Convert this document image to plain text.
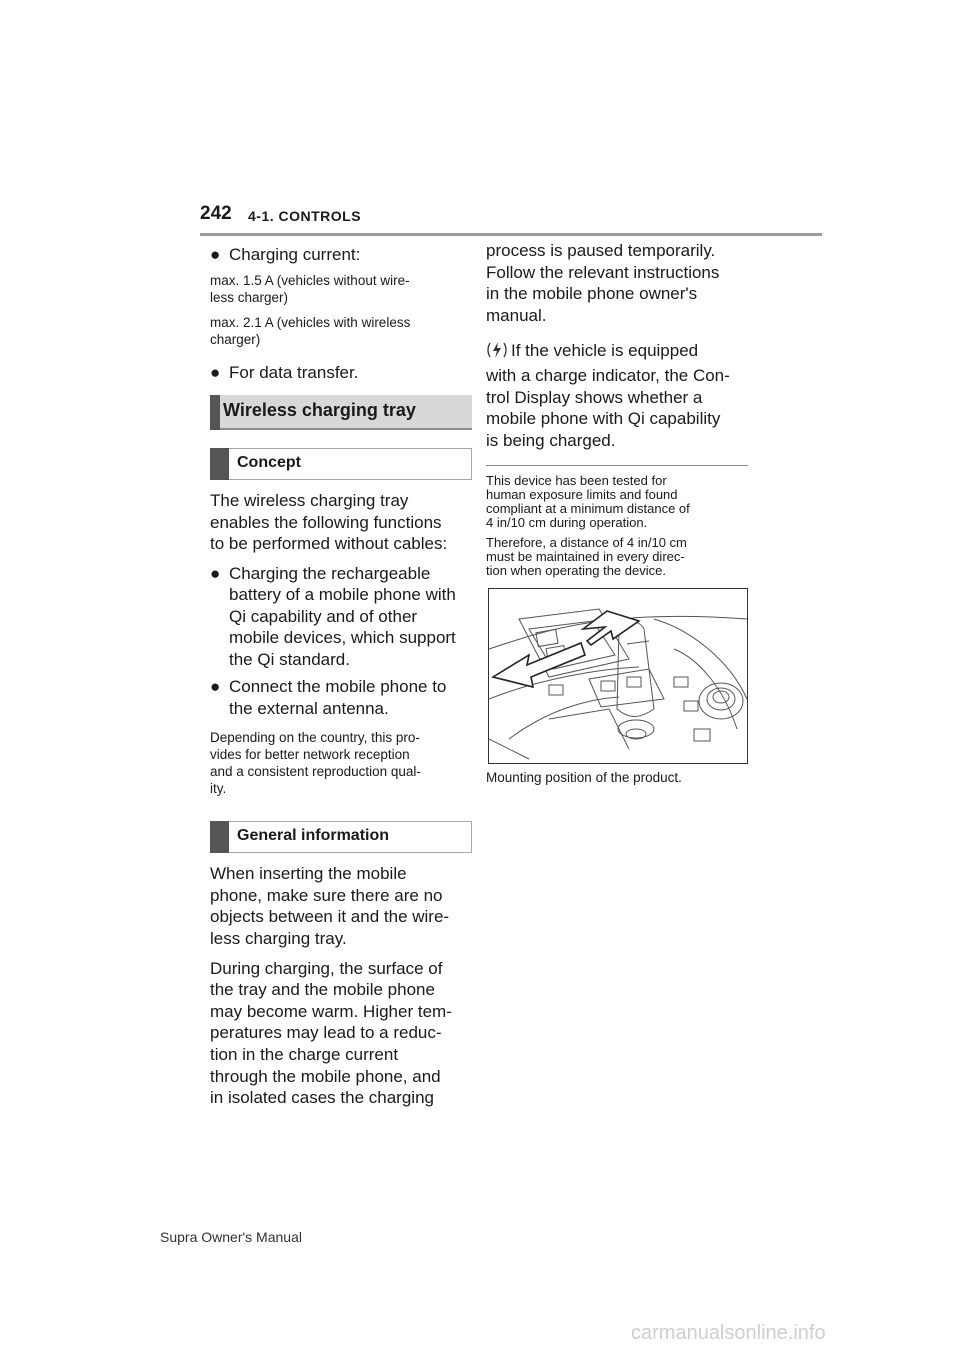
242 4-1. CONTROLS
● Charging current:
max. 1.5 A (vehicles without wire-
less charger)
max. 2.1 A (vehicles with wireless
charger)
● For data transfer.
Wireless charging tray
Concept
The wireless charging tray
enables the following functions
to be performed without cables:
● Charging the rechargeable
battery of a mobile phone with
Qi capability and of other
mobile devices, which support
the Qi standard.
● Connect the mobile phone to
the external antenna.
Depending on the country, this pro-
vides for better network reception
and a consistent reproduction qual-
ity.
General information
When inserting the mobile
phone, make sure there are no
objects between it and the wire-
less charging tray.
During charging, the surface of
the tray and the mobile phone
may become warm. Higher tem-
peratures may lead to a reduc-
tion in the charge current
through the mobile phone, and
in isolated cases the charging
process is paused temporarily.
Follow the relevant instructions
in the mobile phone owner's
manual.
If the vehicle is equipped
with a charge indicator, the Con-
trol Display shows whether a
mobile phone with Qi capability
is being charged.
This device has been tested for
human exposure limits and found
compliant at a minimum distance of
4 in/10 cm during operation.
Therefore, a distance of 4 in/10 cm
must be maintained in every direc-
tion when operating the device.
Mounting position of the product.
Supra Owner's Manual
carmanualsonline.info
